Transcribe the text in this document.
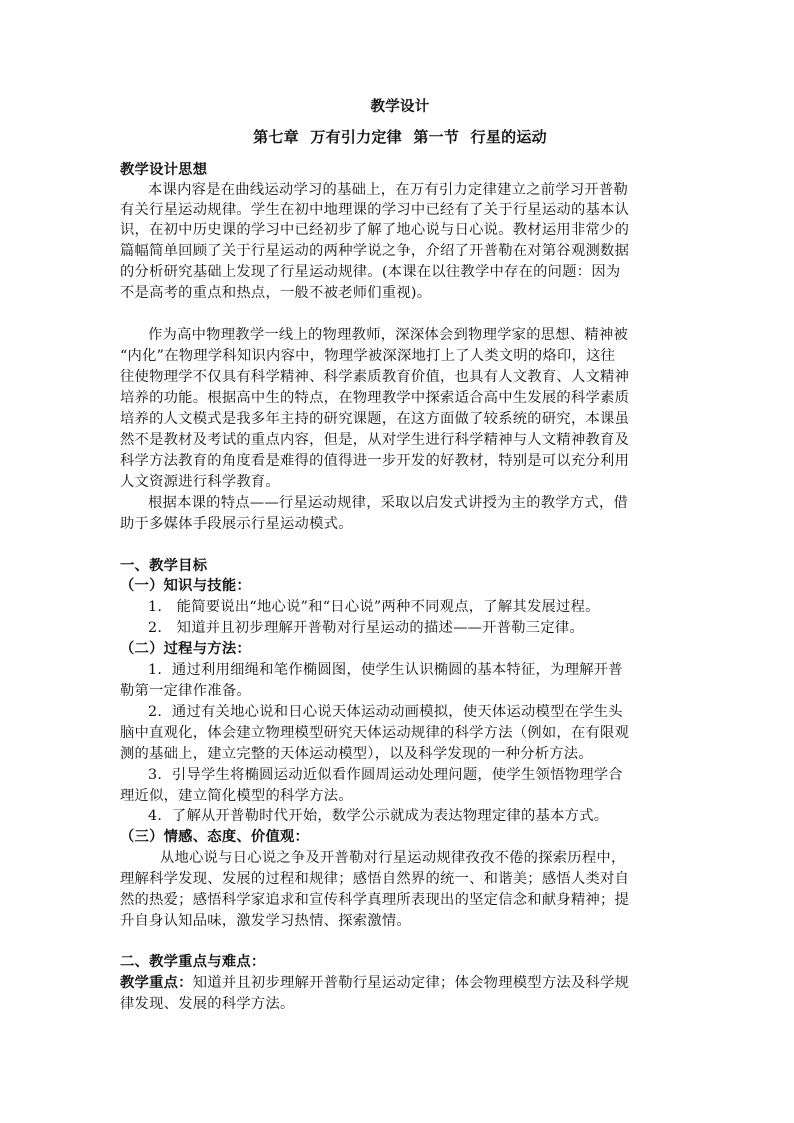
教学设计
第七章 万有引力定律 第一节 行星的运动
教学设计思想
本课内容是在曲线运动学习的基础上，在万有引力定律建立之前学习开普勒
有关行星运动规律。学生在初中地理课的学习中已经有了关于行星运动的基本认
识，在初中历史课的学习中已经初步了解了地心说与日心说。教材运用非常少的
篇幅简单回顾了关于行星运动的两种学说之争，介绍了开普勒在对第谷观测数据
的分析研究基础上发现了行星运动规律。(本课在以往教学中存在的问题：因为
不是高考的重点和热点，一般不被老师们重视)。
作为高中物理教学一线上的物理教师，深深体会到物理学家的思想、精神被
“内化”在物理学科知识内容中，物理学被深深地打上了人类文明的烙印，这往
往使物理学不仅具有科学精神、科学素质教育价值，也具有人文教育、人文精神
培养的功能。根据高中生的特点，在物理教学中探索适合高中生发展的科学素质
培养的人文模式是我多年主持的研究课题，在这方面做了较系统的研究，本课虽
然不是教材及考试的重点内容，但是，从对学生进行科学精神与人文精神教育及
科学方法教育的角度看是难得的值得进一步开发的好教材，特别是可以充分利用
人文资源进行科学教育。
根据本课的特点——行星运动规律，采取以启发式讲授为主的教学方式，借
助于多媒体手段展示行星运动模式。
一、教学目标
（一）知识与技能：
1.　能简要说出“地心说”和“日心说”两种不同观点，了解其发展过程。
2.　知道并且初步理解开普勒对行星运动的描述——开普勒三定律。
（二）过程与方法：
1．通过利用细绳和笔作椭圆图，使学生认识椭圆的基本特征，为理解开普
勒第一定律作准备。
2．通过有关地心说和日心说天体运动动画模拟，使天体运动模型在学生头
脑中直观化，体会建立物理模型研究天体运动规律的科学方法（例如，在有限观
测的基础上，建立完整的天体运动模型），以及科学发现的一种分析方法。
3．引导学生将椭圆运动近似看作圆周运动处理问题，使学生领悟物理学合
理近似，建立简化模型的科学方法。
4．了解从开普勒时代开始，数学公示就成为表达物理定律的基本方式。
（三）情感、态度、价值观：
从地心说与日心说之争及开普勒对行星运动规律孜孜不倦的探索历程中，
理解科学发现、发展的过程和规律；感悟自然界的统一、和谐美；感悟人类对自
然的热爱；感悟科学家追求和宣传科学真理所表现出的坚定信念和献身精神；提
升自身认知品味，激发学习热情、探索激情。
二、教学重点与难点：
教学重点：知道并且初步理解开普勒行星运动定律；体会物理模型方法及科学规
律发现、发展的科学方法。
